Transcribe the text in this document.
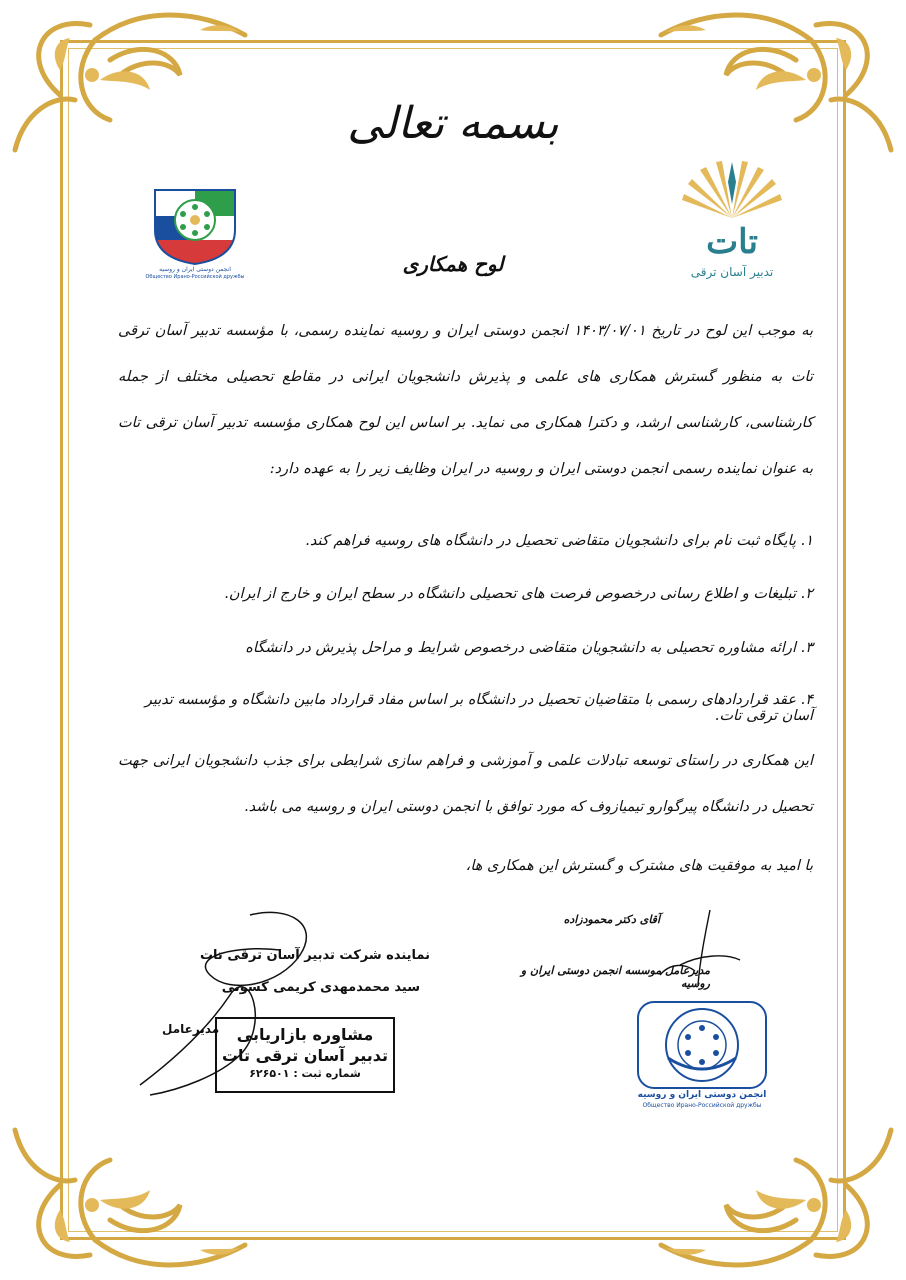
بسمه تعالی
تات
تدبیر آسان ترقی
انجمن دوستی ایران و روسیه
Общество Ирано-Российской дружбы
لوح همکاری
به موجب این لوح در تاریخ ۱۴۰۳/۰۷/۰۱ انجمن دوستی ایران و روسیه نماینده رسمی، با مؤسسه تدبیر آسان ترقی تات به منظور گسترش همکاری های علمی و پذیرش دانشجویان ایرانی در مقاطع تحصیلی مختلف از جمله کارشناسی، کارشناسی ارشد، و دکترا همکاری می نماید. بر اساس این لوح همکاری مؤسسه تدبیر آسان ترقی تات به عنوان نماینده رسمی انجمن دوستی ایران و روسیه در ایران وظایف زیر را به عهده دارد:
۱. پایگاه ثبت نام برای دانشجویان متقاضی تحصیل در دانشگاه های روسیه فراهم کند.
۲. تبلیغات و اطلاع رسانی درخصوص فرصت های تحصیلی دانشگاه در سطح ایران و خارج از ایران.
۳. ارائه مشاوره تحصیلی به دانشجویان متقاضی درخصوص شرایط و مراحل پذیرش در دانشگاه
۴. عقد قراردادهای رسمی با متقاضیان تحصیل در دانشگاه بر اساس مفاد قرارداد مابین دانشگاه و مؤسسه تدبیر آسان ترقی تات.
این همکاری در راستای توسعه تبادلات علمی و آموزشی و فراهم سازی شرایطی برای جذب دانشجویان ایرانی جهت تحصیل در دانشگاه پیرگوارو تیمیازوف که مورد توافق با انجمن دوستی ایران و روسیه می باشد.
با امید به موفقیت های مشترک و گسترش این همکاری ها،
آقای دکتر محمودزاده
مدیرعامل موسسه انجمن دوستی ایران و روسیه
نماینده شرکت تدبیر آسان ترقی تات
سید محمدمهدی کریمی کسوتی
مدیرعامل	مشاوره بازاریابی
تدبیر آسان ترقی تات
شماره ثبت : ۶۲۶۵۰۱
انجمن دوستی ایران و روسیه
Общество Ирано-Российской дружбы
